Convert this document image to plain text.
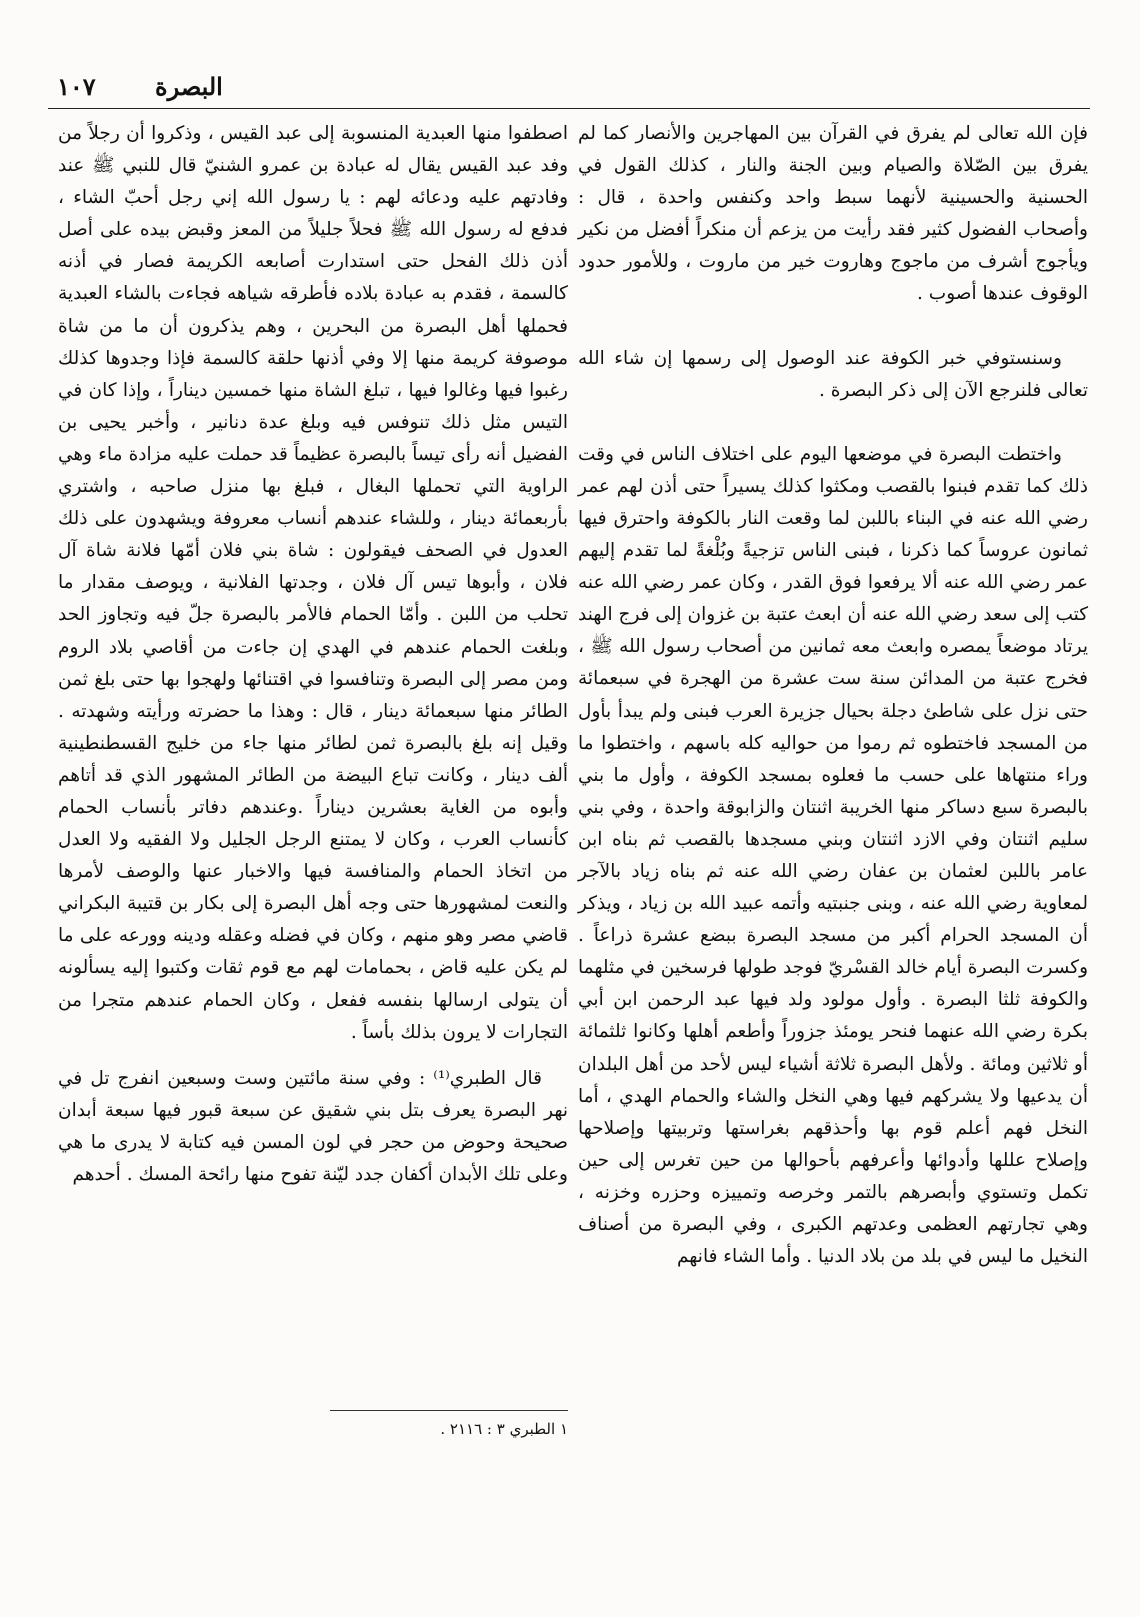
١٠٧ البصرة

فإن الله تعالى لم يفرق في القرآن بين المهاجرين والأنصار كما لم يفرق بين الصّلاة والصيام وبين الجنة والنار ، كذلك القول في الحسنية والحسينية لأنهما سبط واحد وكنفس واحدة ، قال : وأصحاب الفضول كثير فقد رأيت من يزعم أن منكراً أفضل من نكير ويأجوج أشرف من ماجوج وهاروت خير من ماروت ، وللأمور حدود الوقوف عندها أصوب .

وسنستوفي خبر الكوفة عند الوصول إلى رسمها إن شاء الله تعالى فلنرجع الآن إلى ذكر البصرة .

واختطت البصرة في موضعها اليوم على اختلاف الناس في وقت ذلك كما تقدم فبنوا بالقصب ومكثوا كذلك يسيراً حتى أذن لهم عمر رضي الله عنه في البناء باللبن لما وقعت النار بالكوفة واحترق فيها ثمانون عروساً كما ذكرنا ، فبنى الناس تزجيةً وبُلْغةً لما تقدم إليهم عمر رضي الله عنه ألا يرفعوا فوق القدر ، وكان عمر رضي الله عنه كتب إلى سعد رضي الله عنه أن ابعث عتبة بن غزوان إلى فرج الهند يرتاد موضعاً يمصره وابعث معه ثمانين من أصحاب رسول الله ﷺ ، فخرج عتبة من المدائن سنة ست عشرة من الهجرة في سبعمائة حتى نزل على شاطئ دجلة بحيال جزيرة العرب فبنى ولم يبدأ بأول من المسجد فاختطوه ثم رموا من حواليه كله باسهم ، واختطوا ما وراء منتهاها على حسب ما فعلوه بمسجد الكوفة ، وأول ما بني بالبصرة سبع دساكر منها الخريبة اثنتان والزابوقة واحدة ، وفي بني سليم اثنتان وفي الازد اثنتان وبني مسجدها بالقصب ثم بناه ابن عامر باللبن لعثمان بن عفان رضي الله عنه ثم بناه زياد بالآجر لمعاوية رضي الله عنه ، وبنى جنبتيه وأتمه عبيد الله بن زياد ، ويذكر أن المسجد الحرام أكبر من مسجد البصرة ببضع عشرة ذراعاً . وكسرت البصرة أيام خالد القسْريّ فوجد طولها فرسخين في مثلهما والكوفة ثلثا البصرة . وأول مولود ولد فيها عبد الرحمن ابن أبي بكرة رضي الله عنهما فنحر يومئذ جزوراً وأطعم أهلها وكانوا ثلثمائة أو ثلاثين ومائة . ولأهل البصرة ثلاثة أشياء ليس لأحد من أهل البلدان أن يدعيها ولا يشركهم فيها وهي النخل والشاء والحمام الهدي ، أما النخل فهم أعلم قوم بها وأحذقهم بغراستها وتربيتها وإصلاحها وإصلاح عللها وأدوائها وأعرفهم بأحوالها من حين تغرس إلى حين تكمل وتستوي وأبصرهم بالتمر وخرصه وتمييزه وحزره وخزنه ، وهي تجارتهم العظمى وعدتهم الكبرى ، وفي البصرة من أصناف النخيل ما ليس في بلد من بلاد الدنيا . وأما الشاء فانهم

اصطفوا منها العبدية المنسوبة إلى عبد القيس ، وذكروا أن رجلاً من وفد عبد القيس يقال له عبادة بن عمرو الشنيّ قال للنبي ﷺ عند وفادتهم عليه ودعائه لهم : يا رسول الله إني رجل أحبّ الشاء ، فدفع له رسول الله ﷺ فحلاً جليلاً من المعز وقبض بيده على أصل أذن ذلك الفحل حتى استدارت أصابعه الكريمة فصار في أذنه كالسمة ، فقدم به عبادة بلاده فأطرقه شياهه فجاءت بالشاء العبدية فحملها أهل البصرة من البحرين ، وهم يذكرون أن ما من شاة موصوفة كريمة منها إلا وفي أذنها حلقة كالسمة فإذا وجدوها كذلك رغبوا فيها وغالوا فيها ، تبلغ الشاة منها خمسين ديناراً ، وإذا كان في التيس مثل ذلك تنوفس فيه وبلغ عدة دنانير ، وأخبر يحيى بن الفضيل أنه رأى تيساً بالبصرة عظيماً قد حملت عليه مزادة ماء وهي الراوية التي تحملها البغال ، فبلغ بها منزل صاحبه ، واشتري بأربعمائة دينار ، وللشاء عندهم أنساب معروفة ويشهدون على ذلك العدول في الصحف فيقولون : شاة بني فلان أمّها فلانة شاة آل فلان ، وأبوها تيس آل فلان ، وجدتها الفلانية ، ويوصف مقدار ما تحلب من اللبن . وأمّا الحمام فالأمر بالبصرة جلّ فيه وتجاوز الحد وبلغت الحمام عندهم في الهدي إن جاءت من أقاصي بلاد الروم ومن مصر إلى البصرة وتنافسوا في اقتنائها ولهجوا بها حتى بلغ ثمن الطائر منها سبعمائة دينار ، قال : وهذا ما حضرته ورأيته وشهدته . وقيل إنه بلغ بالبصرة ثمن لطائر منها جاء من خليج القسطنطينية ألف دينار ، وكانت تباع البيضة من الطائر المشهور الذي قد أتاهم وأبوه من الغاية بعشرين ديناراً .وعندهم دفاتر بأنساب الحمام كأنساب العرب ، وكان لا يمتنع الرجل الجليل ولا الفقيه ولا العدل من اتخاذ الحمام والمنافسة فيها والاخبار عنها والوصف لأمرها والنعت لمشهورها حتى وجه أهل البصرة إلى بكار بن قتيبة البكراني قاضي مصر وهو منهم ، وكان في فضله وعقله ودينه وورعه على ما لم يكن عليه قاض ، بحمامات لهم مع قوم ثقات وكتبوا إليه يسألونه أن يتولى ارسالها بنفسه ففعل ، وكان الحمام عندهم متجرا من التجارات لا يرون بذلك بأساً .

قال الطبري⁽¹⁾ : وفي سنة مائتين وست وسبعين انفرج تل في نهر البصرة يعرف بتل بني شقيق عن سبعة قبور فيها سبعة أبدان صحيحة وحوض من حجر في لون المسن فيه كتابة لا يدرى ما هي وعلى تلك الأبدان أكفان جدد ليّنة تفوح منها رائحة المسك . أحدهم

١ الطبري ٣ : ٢١١٦ .
